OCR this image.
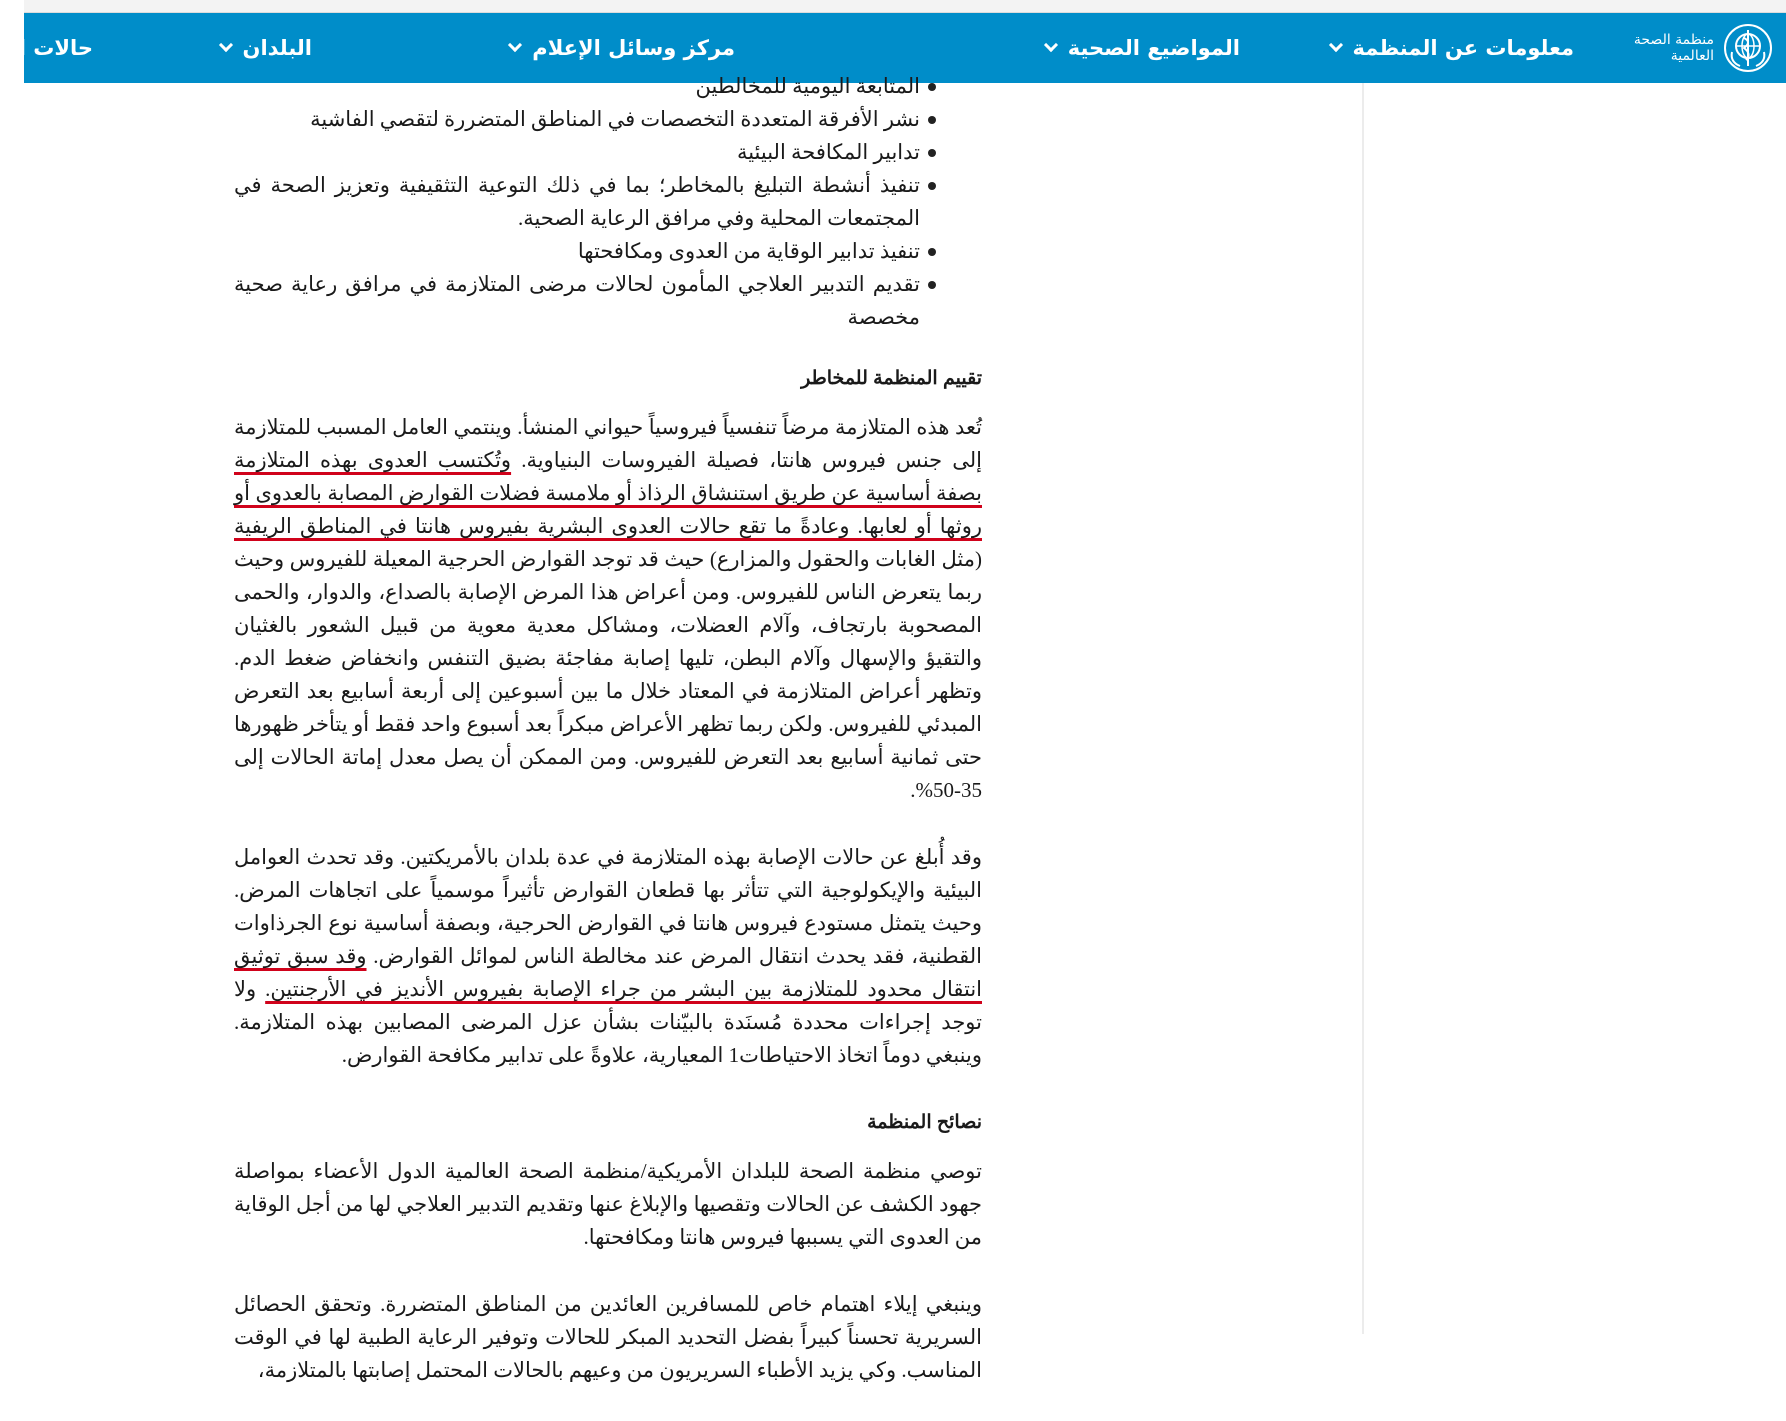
منظمة الصحة العالمية
معلومات عن المنظمة
المواضيع الصحية
مركز وسائل الإعلام
البلدان
حالات ال
المتابعة اليومية للمخالطين
نشر الأفرقة المتعددة التخصصات في المناطق المتضررة لتقصي الفاشية
تدابير المكافحة البيئية
تنفيذ أنشطة التبليغ بالمخاطر؛ بما في ذلك التوعية التثقيفية وتعزيز الصحة في المجتمعات المحلية وفي مرافق الرعاية الصحية.
تنفيذ تدابير الوقاية من العدوى ومكافحتها
تقديم التدبير العلاجي المأمون لحالات مرضى المتلازمة في مرافق رعاية صحية مخصصة
تقييم المنظمة للمخاطر

تُعد هذه المتلازمة مرضاً تنفسياً فيروسياً حيواني المنشأ. وينتمي العامل المسبب للمتلازمة إلى جنس فيروس هانتا، فصيلة الفيروسات البنياوية. وتُكتسب العدوى بهذه المتلازمة بصفة أساسية عن طريق استنشاق الرذاذ أو ملامسة فضلات القوارض المصابة بالعدوى أو روثها أو لعابها. وعادةً ما تقع حالات العدوى البشرية بفيروس هانتا في المناطق الريفية (مثل الغابات والحقول والمزارع) حيث قد توجد القوارض الحرجية المعيلة للفيروس وحيث ربما يتعرض الناس للفيروس. ومن أعراض هذا المرض الإصابة بالصداع، والدوار، والحمى المصحوبة بارتجاف، وآلام العضلات، ومشاكل معدية معوية من قبيل الشعور بالغثيان والتقيؤ والإسهال وآلام البطن، تليها إصابة مفاجئة بضيق التنفس وانخفاض ضغط الدم. وتظهر أعراض المتلازمة في المعتاد خلال ما بين أسبوعين إلى أربعة أسابيع بعد التعرض المبدئي للفيروس. ولكن ربما تظهر الأعراض مبكراً بعد أسبوع واحد فقط أو يتأخر ظهورها حتى ثمانية أسابيع بعد التعرض للفيروس. ومن الممكن أن يصل معدل إماتة الحالات إلى 35-50%.

وقد أُبلغ عن حالات الإصابة بهذه المتلازمة في عدة بلدان بالأمريكتين. وقد تحدث العوامل البيئية والإيكولوجية التي تتأثر بها قطعان القوارض تأثيراً موسمياً على اتجاهات المرض. وحيث يتمثل مستودع فيروس هانتا في القوارض الحرجية، وبصفة أساسية نوع الجرذاوات القطنية، فقد يحدث انتقال المرض عند مخالطة الناس لموائل القوارض. وقد سبق توثيق انتقال محدود للمتلازمة بين البشر من جراء الإصابة بفيروس الأنديز في الأرجنتين. ولا توجد إجراءات محددة مُسنَدة بالبيّنات بشأن عزل المرضى المصابين بهذه المتلازمة. وينبغي دوماً اتخاذ الاحتياطات1 المعيارية، علاوةً على تدابير مكافحة القوارض.

نصائح المنظمة

توصي منظمة الصحة للبلدان الأمريكية/منظمة الصحة العالمية الدول الأعضاء بمواصلة جهود الكشف عن الحالات وتقصيها والإبلاغ عنها وتقديم التدبير العلاجي لها من أجل الوقاية من العدوى التي يسببها فيروس هانتا ومكافحتها.

وينبغي إيلاء اهتمام خاص للمسافرين العائدين من المناطق المتضررة. وتحقق الحصائل السريرية تحسناً كبيراً بفضل التحديد المبكر للحالات وتوفير الرعاية الطبية لها في الوقت المناسب. وكي يزيد الأطباء السريريون من وعيهم بالحالات المحتمل إصابتها بالمتلازمة،
